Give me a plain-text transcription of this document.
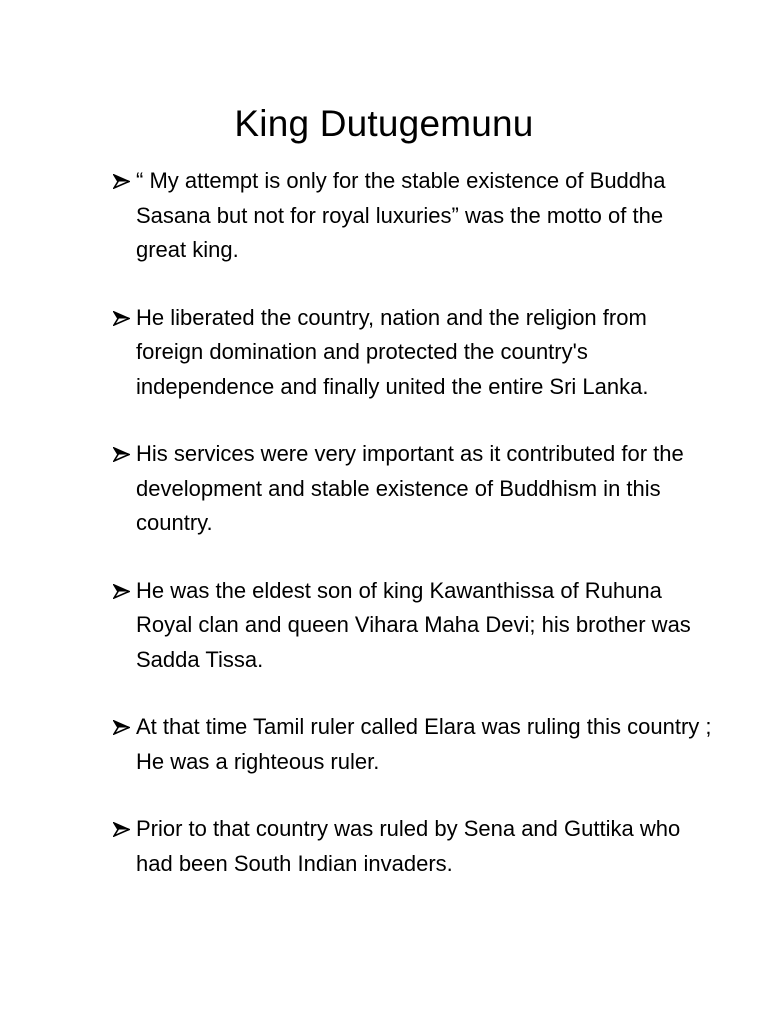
King Dutugemunu
“ My attempt is only for the stable existence of Buddha Sasana but not for royal luxuries” was the motto of the great king.
He liberated the country, nation and the religion from foreign domination and protected the country's independence and finally united the entire Sri Lanka.
His services were very important as it contributed for the development and stable existence of Buddhism in this country.
He was the eldest son of king Kawanthissa of Ruhuna Royal clan and queen Vihara Maha Devi; his brother was Sadda Tissa.
At that time Tamil ruler called Elara was ruling this country ; He was a righteous ruler.
Prior to that country was ruled by Sena and Guttika who had been South Indian invaders.
